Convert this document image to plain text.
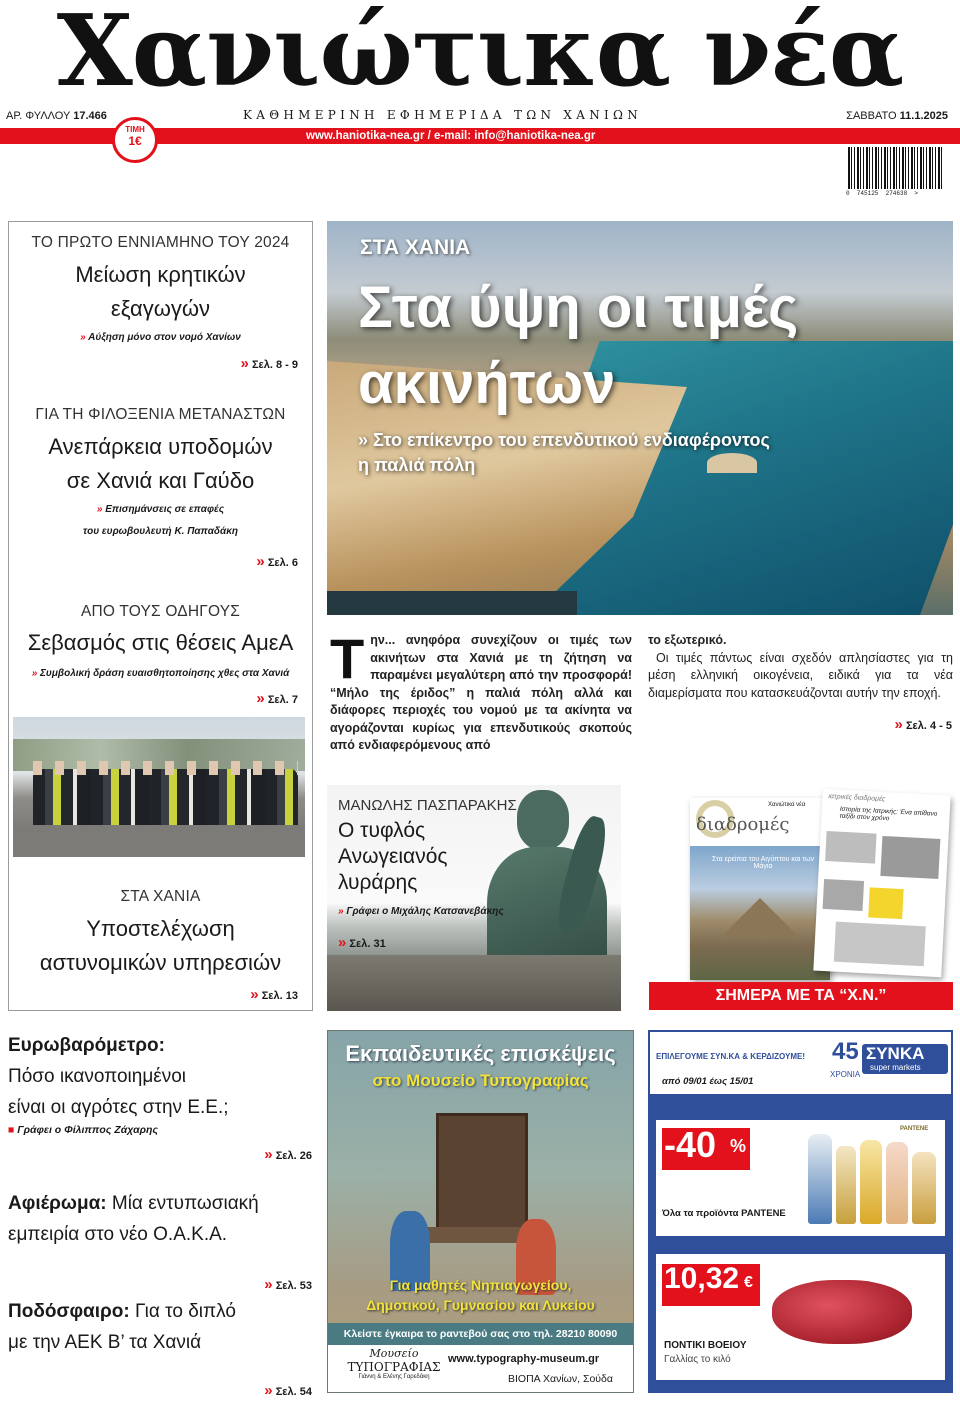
Χανιώτικα νέα
ΑΡ. ΦΥΛΛΟΥ 17.466	ΚΑΘΗΜΕΡΙΝΗ ΕΦΗΜΕΡΙΔΑ ΤΩΝ ΧΑΝΙΩΝ	ΣΑΒΒΑΤΟ 11.1.2025
www.haniotika-nea.gr / e-mail: info@haniotika-nea.gr
ΤΙΜΗ
1€
0  745125  274638  >
ΤΟ ΠΡΩΤΟ ΕΝΝΙΑΜΗΝΟ ΤΟΥ 2024
Μείωση κρητικών
εξαγωγών
» Αύξηση μόνο στον νομό Χανίων
» Σελ. 8 - 9
ΓΙΑ ΤΗ ΦΙΛΟΞΕΝΙΑ ΜΕΤΑΝΑΣΤΩΝ
Ανεπάρκεια υποδομών
σε Χανιά και Γαύδο
» Επισημάνσεις σε επαφές
του ευρωβουλευτή Κ. Παπαδάκη
» Σελ. 6
ΑΠΟ ΤΟΥΣ ΟΔΗΓΟΥΣ
Σεβασμός στις θέσεις ΑμεΑ
» Συμβολική δράση ευαισθητοποίησης χθες στα Χανιά
» Σελ. 7
ΣΤΑ ΧΑΝΙΑ
Υποστελέχωση
αστυνομικών υπηρεσιών
» Σελ. 13
ΣΤΑ ΧΑΝΙΑ
Στα ύψη οι τιμές
ακινήτων
» Στο επίκεντρο του επενδυτικού ενδιαφέροντος
η παλιά πόλη
Τ ην... ανηφόρα συνεχίζουν οι τιμές των ακινήτων στα Χανιά με τη ζήτηση να παραμένει μεγαλύτερη από την προσφορά! “Μήλο της έριδος” η παλιά πόλη αλλά και διάφορες περιοχές του νομού με τα ακίνητα να αγοράζονται κυρίως για επενδυτικούς σκοπούς από ενδιαφερόμενους από
το εξωτερικό.
Οι τιμές πάντως είναι σχεδόν απλησίαστες για τη μέση ελληνική οικογένεια, ειδικά για τα νέα διαμερίσματα που κατασκευάζονται αυτήν την εποχή.
» Σελ. 4 - 5
ΜΑΝΩΛΗΣ ΠΑΣΠΑΡΑΚΗΣ
Ο τυφλός
Ανωγειανός
λυράρης
» Γράφει ο Μιχάλης Κατσανεβάκης
» Σελ. 31
Χανιώτικα νέα
διαδρομές
Στα ερείπια του Αιγύπτου και των Μάγια
ιατρικές διαδρομές
Ιστορία της Ιατρικής: Ένα απίθανο ταξίδι στον χρόνο
ΣΗΜΕΡΑ ΜΕ ΤΑ “Χ.Ν.”
Ευρωβαρόμετρο:
Πόσο ικανοποιημένοι
είναι οι αγρότες στην Ε.Ε.;
■ Γράφει ο Φίλιππος Ζάχαρης
» Σελ. 26
Αφιέρωμα: Μία εντυπωσιακή
εμπειρία στο νέο Ο.Α.Κ.Α.
» Σελ. 53
Ποδόσφαιρο: Για το διπλό
με την ΑΕΚ Β’ τα Χανιά
» Σελ. 54
Εκπαιδευτικές επισκέψεις
στο Μουσείο Τυπογραφίας
Για μαθητές Νηπιαγωγείου,
Δημοτικού, Γυμνασίου και Λυκείου
Κλείστε έγκαιρα το ραντεβού σας στο τηλ. 28210 80090
Μουσείο
ΤΥΠΟΓΡΑΦΙΑΣ
Γιάννη & Ελένης Γαρεδάκη
www.typography-museum.gr
ΒΙΟΠΑ Χανίων, Σούδα
ΕΠΙΛΕΓΟΥΜΕ ΣΥΝ.ΚΑ & ΚΕΡΔΙΖΟΥΜΕ!
από 09/01 έως 15/01
45
ΧΡΟΝΙΑ
ΣΥΝΚΑ
super markets
-40 %
Όλα τα προϊόντα PANTENE
PANTENE
10,32 €
ΠΟΝΤΙΚΙ ΒΟΕΙΟΥ
Γαλλίας το κιλό
